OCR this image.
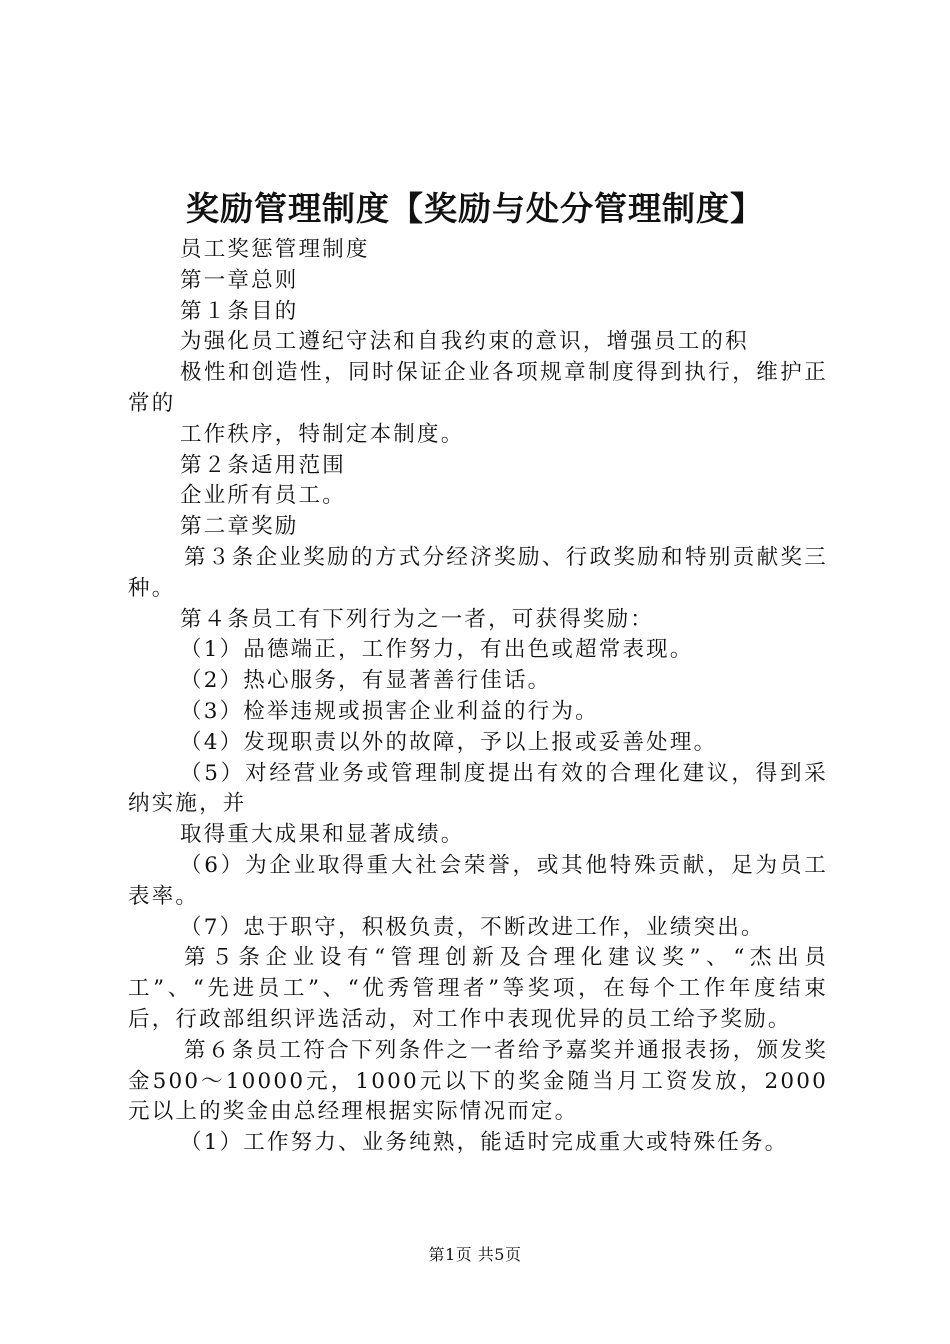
奖励管理制度【奖励与处分管理制度】

员工奖惩管理制度

第一章总则

第１条目的

为强化员工遵纪守法和自我约束的意识，增强员工的积

极性和创造性，同时保证企业各项规章制度得到执行，维护正常的

工作秩序，特制定本制度。

第２条适用范围

企业所有员工。

第二章奖励

第３条企业奖励的方式分经济奖励、行政奖励和特别贡献奖三种。

第４条员工有下列行为之一者，可获得奖励：

（1）品德端正，工作努力，有出色或超常表现。

（2）热心服务，有显著善行佳话。

（3）检举违规或损害企业利益的行为。

（4）发现职责以外的故障，予以上报或妥善处理。

（5）对经营业务或管理制度提出有效的合理化建议，得到采纳实施，并

取得重大成果和显著成绩。

（6）为企业取得重大社会荣誉，或其他特殊贡献，足为员工表率。

（7）忠于职守，积极负责，不断改进工作，业绩突出。

第５条企业设有“管理创新及合理化建议奖”、“杰出员工”、“先进员工”、“优秀管理者”等奖项，在每个工作年度结束后，行政部组织评选活动，对工作中表现优异的员工给予奖励。

第６条员工符合下列条件之一者给予嘉奖并通报表扬，颁发奖金500～10000元，1000元以下的奖金随当月工资发放，2000元以上的奖金由总经理根据实际情况而定。

（1）工作努力、业务纯熟，能适时完成重大或特殊任务。

第1页 共5页
